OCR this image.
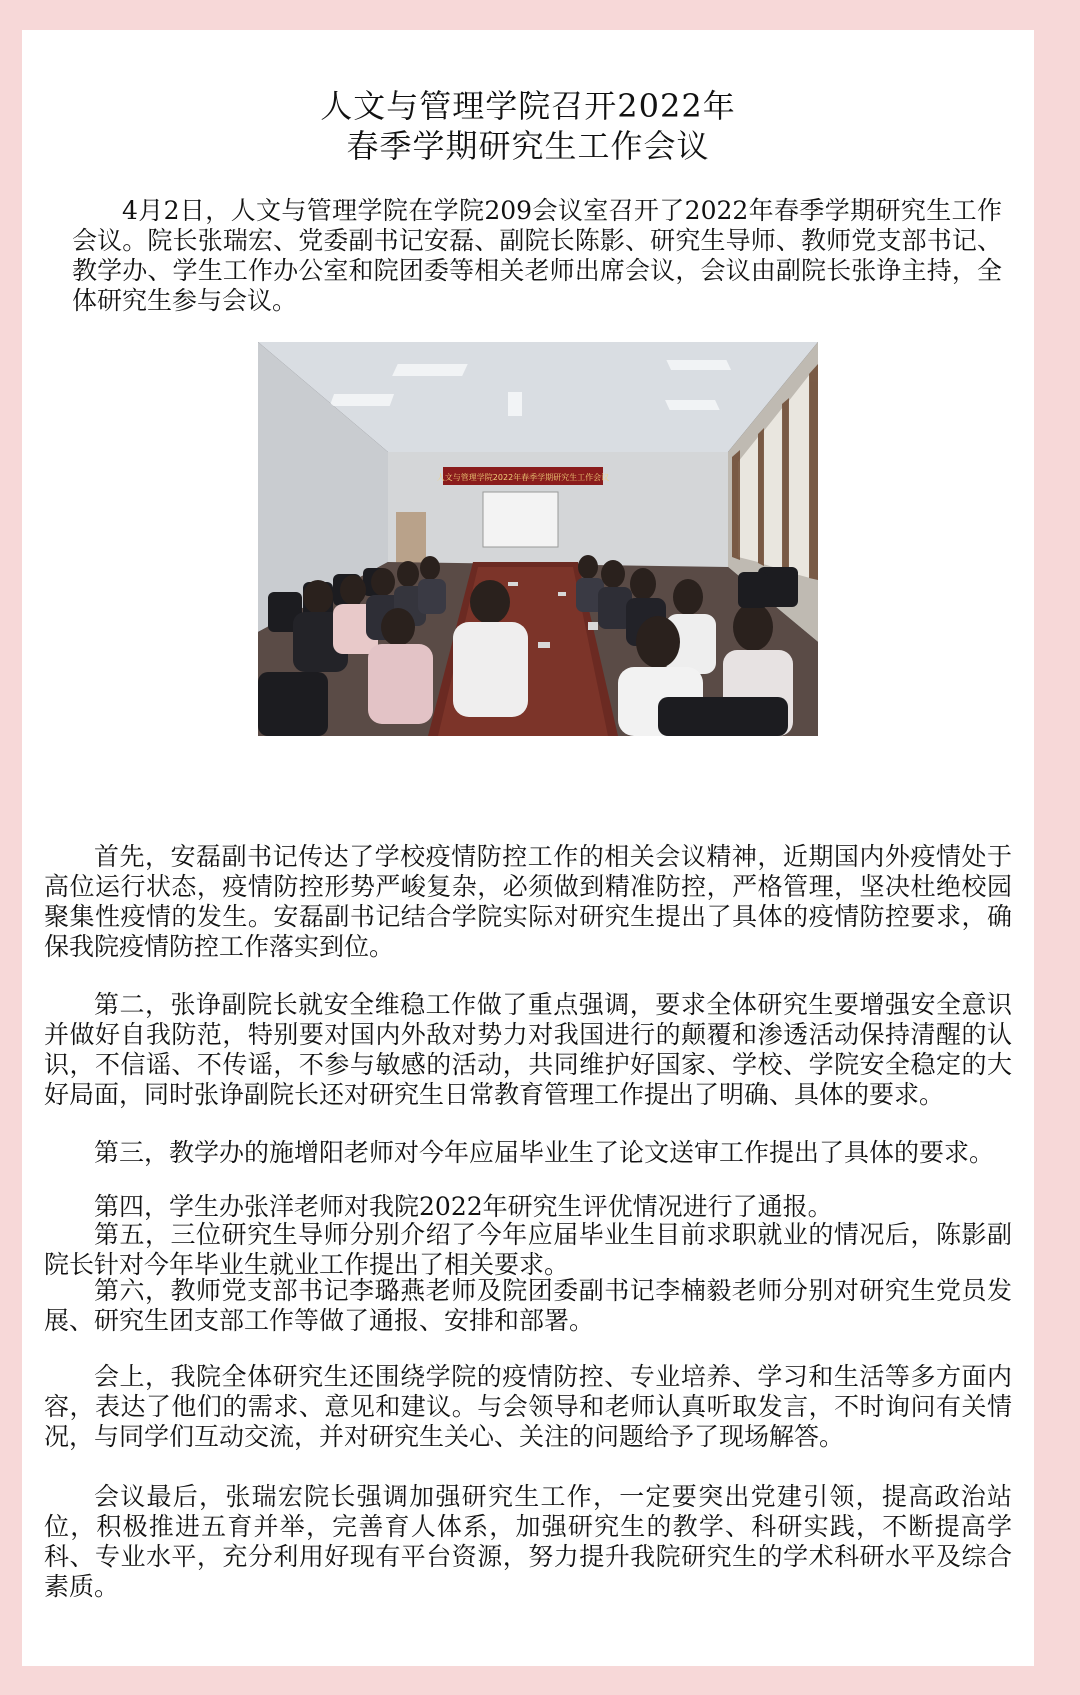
人文与管理学院召开2022年
春季学期研究生工作会议

4月2日，人文与管理学院在学院209会议室召开了2022年春季学期研究生工作会议。院长张瑞宏、党委副书记安磊、副院长陈影、研究生导师、教师党支部书记、教学办、学生工作办公室和院团委等相关老师出席会议，会议由副院长张诤主持，全体研究生参与会议。

人文与管理学院2022年春季学期研究生工作会议

首先，安磊副书记传达了学校疫情防控工作的相关会议精神，近期国内外疫情处于高位运行状态，疫情防控形势严峻复杂，必须做到精准防控，严格管理，坚决杜绝校园聚集性疫情的发生。安磊副书记结合学院实际对研究生提出了具体的疫情防控要求，确保我院疫情防控工作落实到位。

第二，张诤副院长就安全维稳工作做了重点强调，要求全体研究生要增强安全意识并做好自我防范，特别要对国内外敌对势力对我国进行的颠覆和渗透活动保持清醒的认识，不信谣、不传谣，不参与敏感的活动，共同维护好国家、学校、学院安全稳定的大好局面，同时张诤副院长还对研究生日常教育管理工作提出了明确、具体的要求。

第三，教学办的施增阳老师对今年应届毕业生了论文送审工作提出了具体的要求。

第四，学生办张洋老师对我院2022年研究生评优情况进行了通报。

第五，三位研究生导师分别介绍了今年应届毕业生目前求职就业的情况后，陈影副院长针对今年毕业生就业工作提出了相关要求。

第六，教师党支部书记李璐燕老师及院团委副书记李楠毅老师分别对研究生党员发展、研究生团支部工作等做了通报、安排和部署。

会上，我院全体研究生还围绕学院的疫情防控、专业培养、学习和生活等多方面内容，表达了他们的需求、意见和建议。与会领导和老师认真听取发言，不时询问有关情况，与同学们互动交流，并对研究生关心、关注的问题给予了现场解答。

会议最后，张瑞宏院长强调加强研究生工作，一定要突出党建引领，提高政治站位，积极推进五育并举，完善育人体系，加强研究生的教学、科研实践，不断提高学科、专业水平，充分利用好现有平台资源，努力提升我院研究生的学术科研水平及综合素质。
